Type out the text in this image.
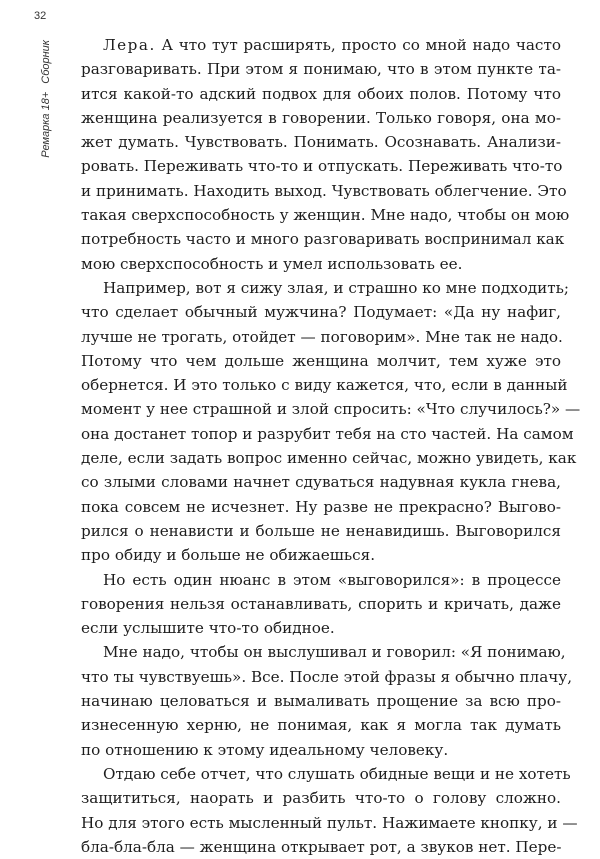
32
Ремарка 18+Сборник	Лера. А что тут расширять, просто со мной надо часто
разговаривать. При этом я понимаю, что в этом пункте та-
ится какой-то адский подвох для обоих полов. Потому что
женщина реализуется в говорении. Только говоря, она мо-
жет думать. Чувствовать. Понимать. Осознавать. Анализи-
ровать. Переживать что-то и отпускать. Переживать что-то
и принимать. Находить выход. Чувствовать облегчение. Это
такая сверхспособность у женщин. Мне надо, чтобы он мою
потребность часто и много разговаривать воспринимал как
мою сверхспособность и умел использовать ее.
Например, вот я сижу злая, и страшно ко мне подходить;
что сделает обычный мужчина? Подумает: «Да ну нафиг,
лучше не трогать, отойдет — поговорим». Мне так не надо.
Потому что чем дольше женщина молчит, тем хуже это
обернется. И это только с виду кажется, что, если в данный
момент у нее страшной и злой спросить: «Что случилось?» —
она достанет топор и разрубит тебя на сто частей. На самом
деле, если задать вопрос именно сейчас, можно увидеть, как
со злыми словами начнет сдуваться надувная кукла гнева,
пока совсем не исчезнет. Ну разве не прекрасно? Выгово-
рился о ненависти и больше не ненавидишь. Выговорился
про обиду и больше не обижаешься.
Но есть один нюанс в этом «выговорился»: в процессе
говорения нельзя останавливать, спорить и кричать, даже
если услышите что-то обидное.
Мне надо, чтобы он выслушивал и говорил: «Я понимаю,
что ты чувствуешь». Все. После этой фразы я обычно плачу,
начинаю целоваться и вымаливать прощение за всю про-
изнесенную херню, не понимая, как я могла так думать
по отношению к этому идеальному человеку.
Отдаю себе отчет, что слушать обидные вещи и не хотеть
защититься, наорать и разбить что-то о голову сложно.
Но для этого есть мысленный пульт. Нажимаете кнопку, и —
бла-бла-бла — женщина открывает рот, а звуков нет. Пере-
